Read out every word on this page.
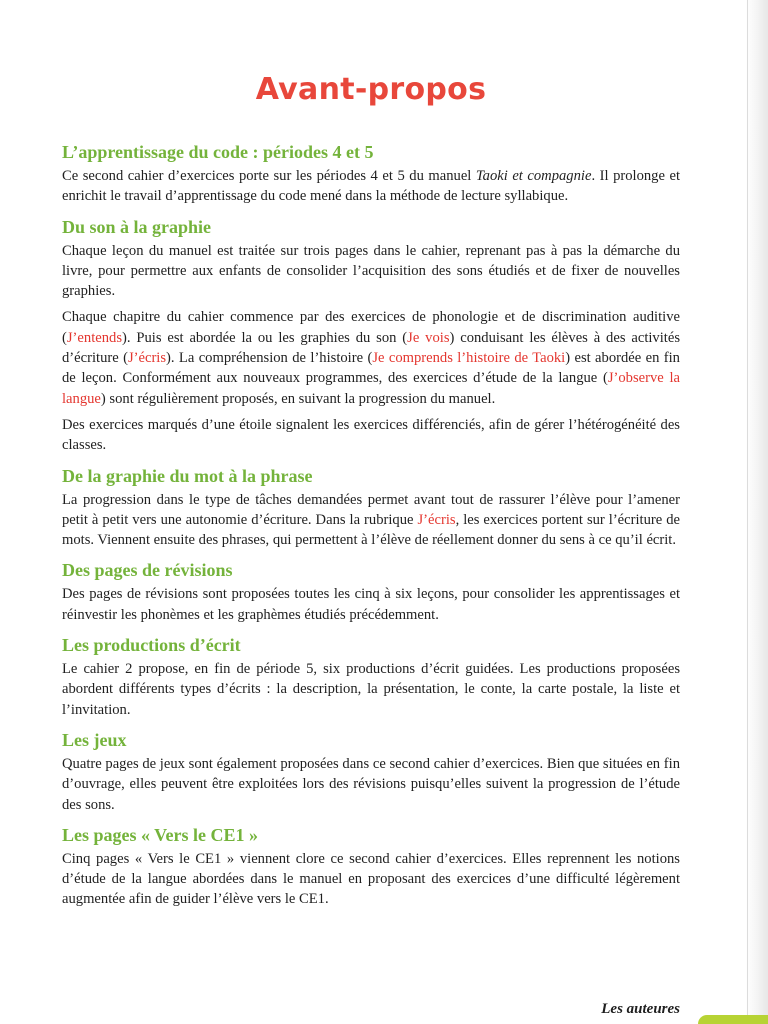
Avant-propos
L’apprentissage du code : périodes 4 et 5

Ce second cahier d’exercices porte sur les périodes 4 et 5 du manuel Taoki et compagnie. Il prolonge et enrichit le travail d’apprentissage du code mené dans la méthode de lecture syllabique.

Du son à la graphie

Chaque leçon du manuel est traitée sur trois pages dans le cahier, reprenant pas à pas la démarche du livre, pour permettre aux enfants de consolider l’acquisition des sons étudiés et de fixer de nouvelles graphies.

Chaque chapitre du cahier commence par des exercices de phonologie et de discrimination auditive (J’entends). Puis est abordée la ou les graphies du son (Je vois) conduisant les élèves à des activités d’écriture (J’écris). La compréhension de l’histoire (Je comprends l’histoire de Taoki) est abordée en fin de leçon. Conformément aux nouveaux programmes, des exercices d’étude de la langue (J’observe la langue) sont régulièrement proposés, en suivant la progression du manuel.

Des exercices marqués d’une étoile signalent les exercices différenciés, afin de gérer l’hétérogénéité des classes.

De la graphie du mot à la phrase

La progression dans le type de tâches demandées permet avant tout de rassurer l’élève pour l’amener petit à petit vers une autonomie d’écriture. Dans la rubrique J’écris, les exercices portent sur l’écriture de mots. Viennent ensuite des phrases, qui permettent à l’élève de réellement donner du sens à ce qu’il écrit.

Des pages de révisions

Des pages de révisions sont proposées toutes les cinq à six leçons, pour consolider les apprentissages et réinvestir les phonèmes et les graphèmes étudiés précédemment.

Les productions d’écrit

Le cahier 2 propose, en fin de période 5, six productions d’écrit guidées. Les productions proposées abordent différents types d’écrits : la description, la présentation, le conte, la carte postale, la liste et l’invitation.

Les jeux

Quatre pages de jeux sont également proposées dans ce second cahier d’exercices. Bien que situées en fin d’ouvrage, elles peuvent être exploitées lors des révisions puisqu’elles suivent la progression de l’étude des sons.

Les pages « Vers le CE1 »

Cinq pages « Vers le CE1 » viennent clore ce second cahier d’exercices. Elles reprennent les notions d’étude de la langue abordées dans le manuel en proposant des exercices d’une difficulté légèrement augmentée afin de guider l’élève vers le CE1.

Les auteures
